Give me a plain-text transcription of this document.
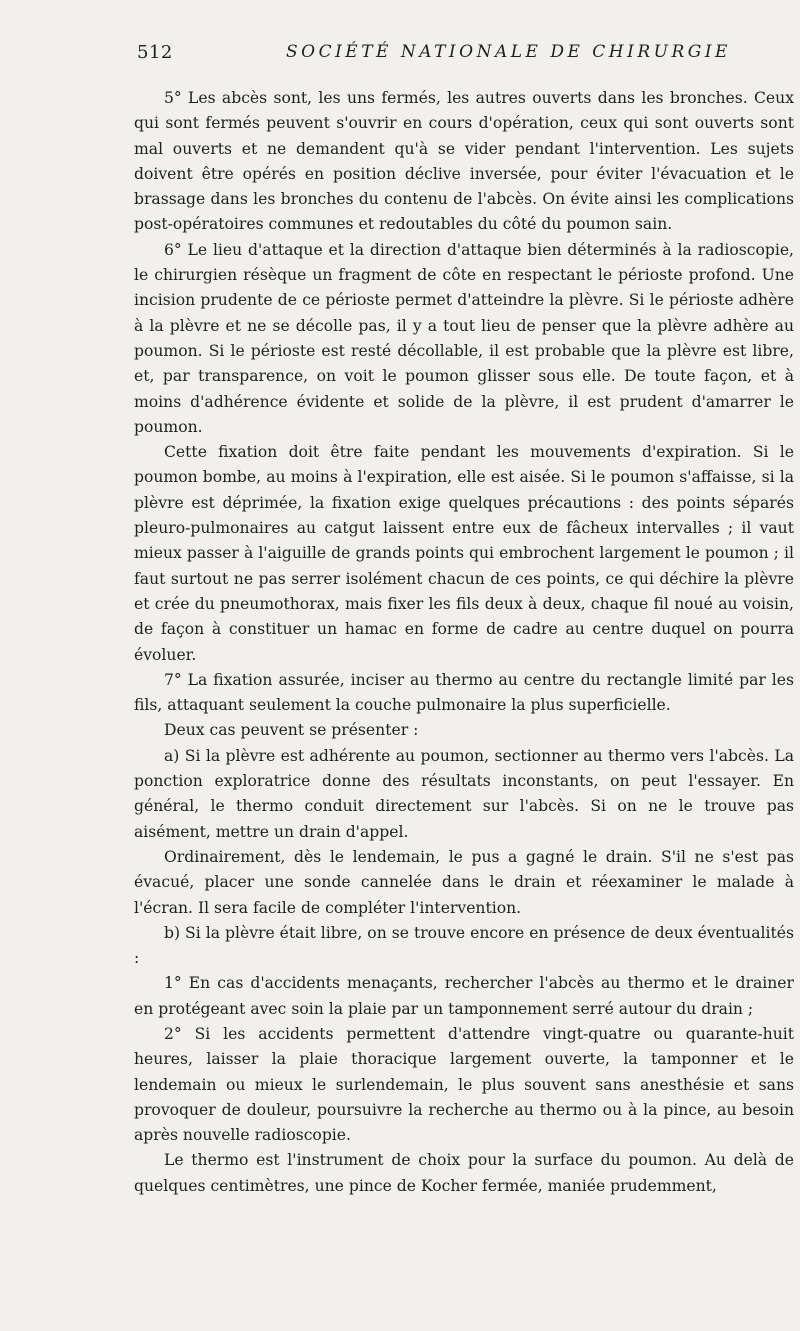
512	SOCIÉTÉ NATIONALE DE CHIRURGIE

5° Les abcès sont, les uns fermés, les autres ouverts dans les bronches. Ceux qui sont fermés peuvent s'ouvrir en cours d'opération, ceux qui sont ouverts sont mal ouverts et ne demandent qu'à se vider pendant l'intervention. Les sujets doivent être opérés en position déclive inversée, pour éviter l'évacuation et le brassage dans les bronches du contenu de l'abcès. On évite ainsi les complications post-opératoires communes et redoutables du côté du poumon sain.

6° Le lieu d'attaque et la direction d'attaque bien déterminés à la radioscopie, le chirurgien résèque un fragment de côte en respectant le périoste profond. Une incision prudente de ce périoste permet d'atteindre la plèvre. Si le périoste adhère à la plèvre et ne se décolle pas, il y a tout lieu de penser que la plèvre adhère au poumon. Si le périoste est resté décollable, il est probable que la plèvre est libre, et, par transparence, on voit le poumon glisser sous elle. De toute façon, et à moins d'adhérence évidente et solide de la plèvre, il est prudent d'amarrer le poumon.

Cette fixation doit être faite pendant les mouvements d'expiration. Si le poumon bombe, au moins à l'expiration, elle est aisée. Si le poumon s'affaisse, si la plèvre est déprimée, la fixation exige quelques précautions : des points séparés pleuro-pulmonaires au catgut laissent entre eux de fâcheux intervalles ; il vaut mieux passer à l'aiguille de grands points qui embrochent largement le poumon ; il faut surtout ne pas serrer isolément chacun de ces points, ce qui déchire la plèvre et crée du pneumothorax, mais fixer les fils deux à deux, chaque fil noué au voisin, de façon à constituer un hamac en forme de cadre au centre duquel on pourra évoluer.

7° La fixation assurée, inciser au thermo au centre du rectangle limité par les fils, attaquant seulement la couche pulmonaire la plus superficielle.

Deux cas peuvent se présenter :

a) Si la plèvre est adhérente au poumon, sectionner au thermo vers l'abcès. La ponction exploratrice donne des résultats inconstants, on peut l'essayer. En général, le thermo conduit directement sur l'abcès. Si on ne le trouve pas aisément, mettre un drain d'appel.

Ordinairement, dès le lendemain, le pus a gagné le drain. S'il ne s'est pas évacué, placer une sonde cannelée dans le drain et réexaminer le malade à l'écran. Il sera facile de compléter l'intervention.

b) Si la plèvre était libre, on se trouve encore en présence de deux éventualités :

1° En cas d'accidents menaçants, rechercher l'abcès au thermo et le drainer en protégeant avec soin la plaie par un tamponnement serré autour du drain ;

2° Si les accidents permettent d'attendre vingt-quatre ou quarante-huit heures, laisser la plaie thoracique largement ouverte, la tamponner et le lendemain ou mieux le surlendemain, le plus souvent sans anesthésie et sans provoquer de douleur, poursuivre la recherche au thermo ou à la pince, au besoin après nouvelle radioscopie.

Le thermo est l'instrument de choix pour la surface du poumon. Au delà de quelques centimètres, une pince de Kocher fermée, maniée prudemment,
